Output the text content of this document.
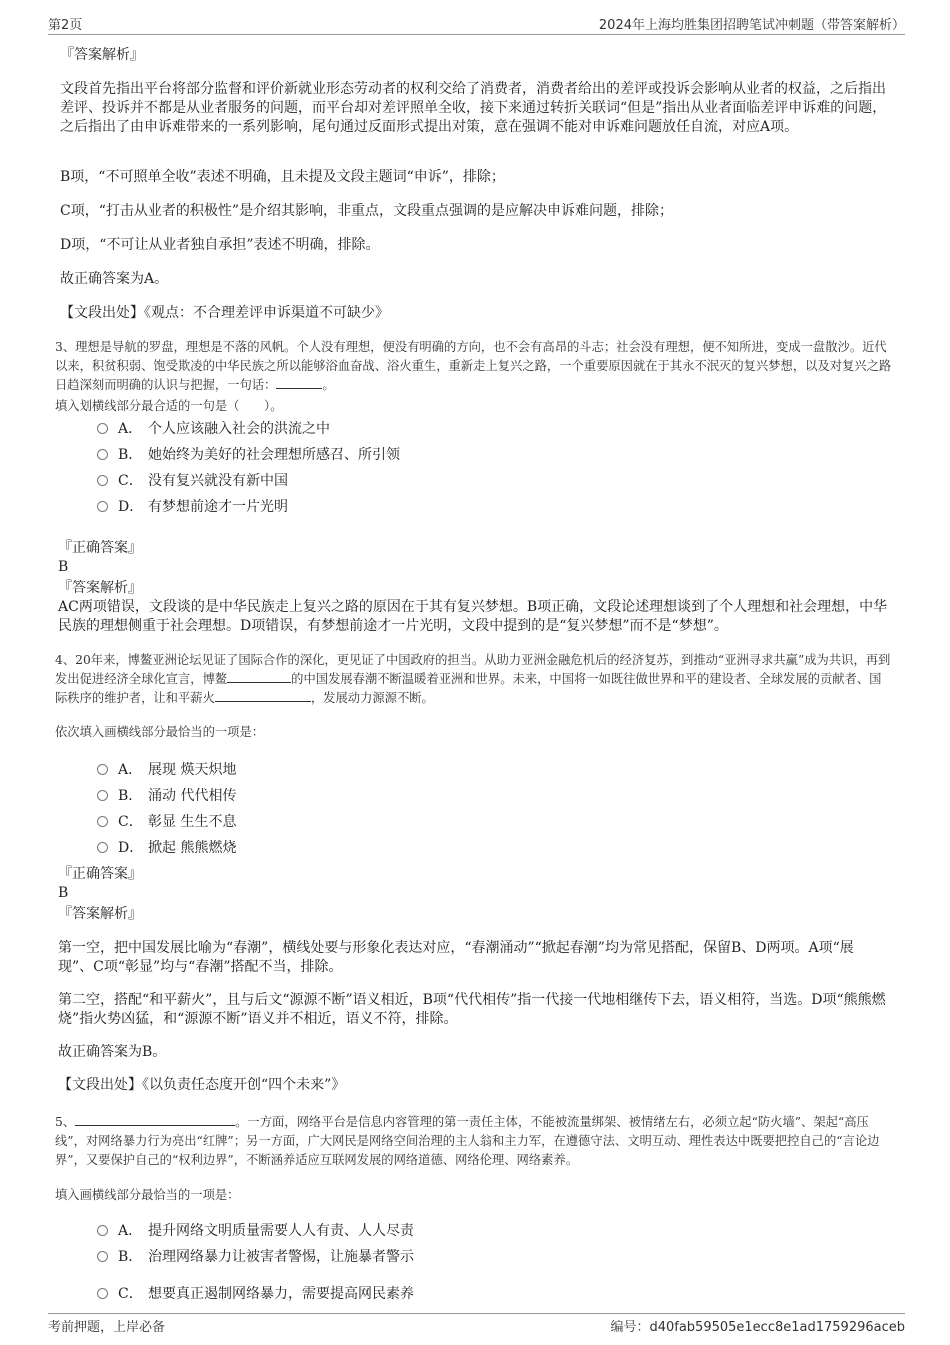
第2页	2024年上海均胜集团招聘笔试冲刺题（带答案解析）
『答案解析』
文段首先指出平台将部分监督和评价新就业形态劳动者的权利交给了消费者，消费者给出的差评或投诉会影响从业者的权益，之后指出差评、投诉并不都是从业者服务的问题，而平台却对差评照单全收，接下来通过转折关联词“但是”指出从业者面临差评申诉难的问题，之后指出了由申诉难带来的一系列影响，尾句通过反面形式提出对策，意在强调不能对申诉难问题放任自流，对应A项。
B项，“不可照单全收”表述不明确，且未提及文段主题词“申诉”，排除；
C项，“打击从业者的积极性”是介绍其影响，非重点，文段重点强调的是应解决申诉难问题，排除；
D项，“不可让从业者独自承担”表述不明确，排除。
故正确答案为A。
【文段出处】《观点：不合理差评申诉渠道不可缺少》
3、理想是导航的罗盘，理想是不落的风帆。个人没有理想，便没有明确的方向，也不会有高昂的斗志；社会没有理想，便不知所进，变成一盘散沙。近代以来，积贫积弱、饱受欺凌的中华民族之所以能够浴血奋战、浴火重生，重新走上复兴之路，一个重要原因就在于其永不泯灭的复兴梦想，以及对复兴之路日趋深刻而明确的认识与把握，一句话：	。
填入划横线部分最合适的一句是（　　）。
A． 个人应该融入社会的洪流之中
B． 她始终为美好的社会理想所感召、所引领
C． 没有复兴就没有新中国
D． 有梦想前途才一片光明
『正确答案』
B
『答案解析』
AC两项错误，文段谈的是中华民族走上复兴之路的原因在于其有复兴梦想。B项正确，文段论述理想谈到了个人理想和社会理想，中华民族的理想侧重于社会理想。D项错误，有梦想前途才一片光明，文段中提到的是“复兴梦想”而不是“梦想”。
4、20年来，博鳌亚洲论坛见证了国际合作的深化，更见证了中国政府的担当。从助力亚洲金融危机后的经济复苏，到推动“亚洲寻求共赢”成为共识，再到发出促进经济全球化宣言，博鳌	的中国发展春潮不断温暖着亚洲和世界。未来，中国将一如既往做世界和平的建设者、全球发展的贡献者、国际秩序的维护者，让和平薪火	，发展动力源源不断。
依次填入画横线部分最恰当的一项是：
A． 展现 煐天炽地
B． 涌动 代代相传
C． 彰显 生生不息
D． 掀起 熊熊燃烧
『正确答案』
B
『答案解析』
第一空，把中国发展比喻为“春潮”，横线处要与形象化表达对应，“春潮涌动”“掀起春潮”均为常见搭配，保留B、D两项。A项“展现”、C项“彰显”均与“春潮”搭配不当，排除。
第二空，搭配“和平薪火”，且与后文“源源不断”语义相近，B项“代代相传”指一代接一代地相继传下去，语义相符，当选。D项“熊熊燃烧”指火势凶猛，和“源源不断”语义并不相近，语义不符，排除。
故正确答案为B。
【文段出处】《以负责任态度开创“四个未来”》
5、	。一方面，网络平台是信息内容管理的第一责任主体，不能被流量绑架、被情绪左右，必须立起“防火墙”、架起“高压线”，对网络暴力行为亮出“红牌”；另一方面，广大网民是网络空间治理的主人翁和主力军，在遵德守法、文明互动、理性表达中既要把控自己的“言论边界”，又要保护自己的“权利边界”，不断涵养适应互联网发展的网络道德、网络伦理、网络素养。
填入画横线部分最恰当的一项是：
A． 提升网络文明质量需要人人有责、人人尽责
B． 治理网络暴力让被害者警惕，让施暴者警示
C． 想要真正遏制网络暴力，需要提高网民素养
考前押题，上岸必备	编号：d40fab59505e1ecc8e1ad1759296aceb
